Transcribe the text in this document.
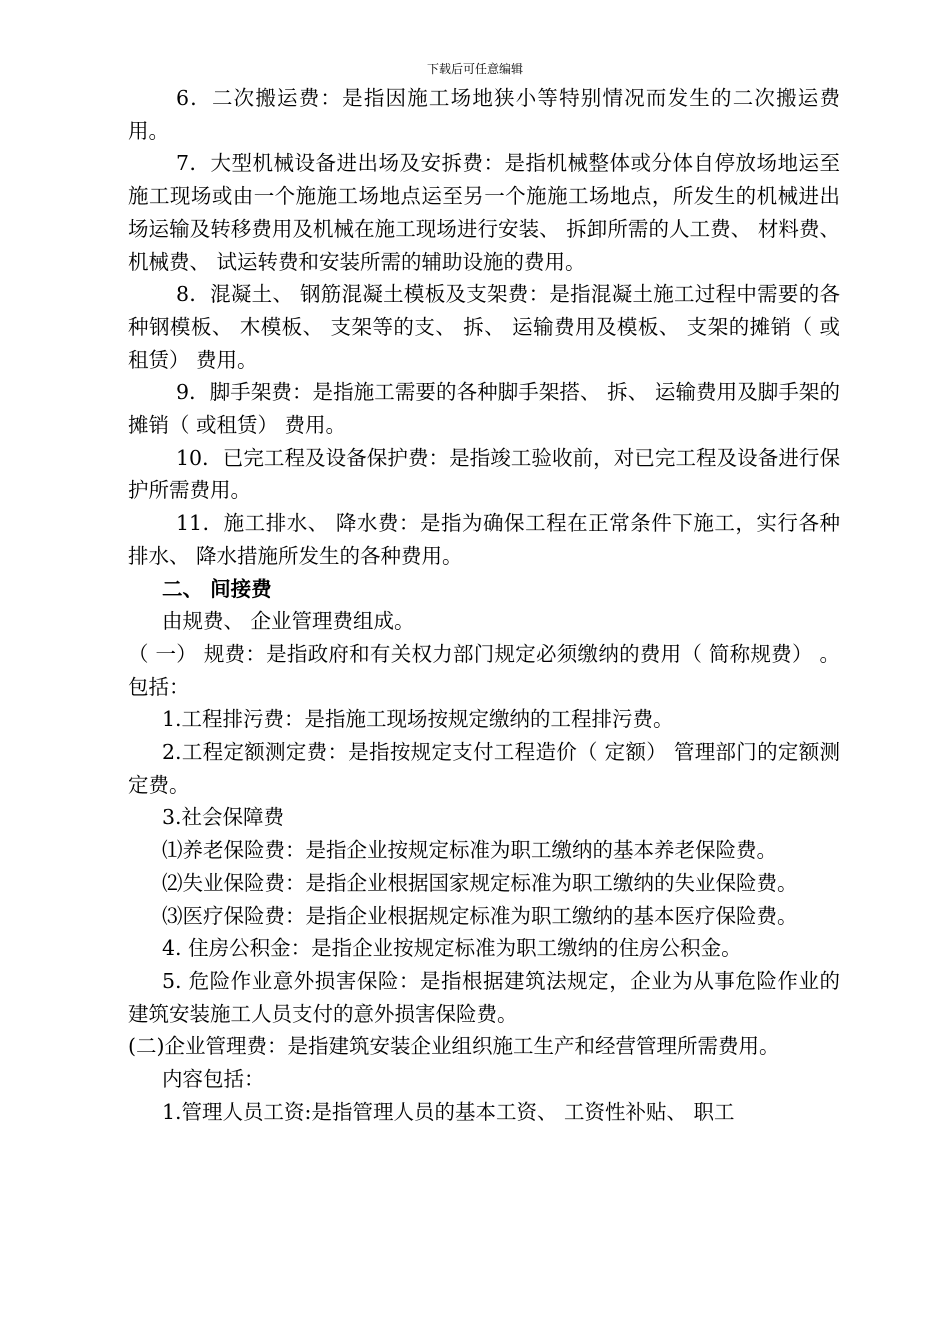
下载后可任意编辑

6．二次搬运费：是指因施工场地狭小等特别情况而发生的二次搬运费用。

7．大型机械设备进出场及安拆费：是指机械整体或分体自停放场地运至施工现场或由一个施施工场地点运至另一个施施工场地点，所发生的机械进出场运输及转移费用及机械在施工现场进行安装、 拆卸所需的人工费、 材料费、 机械费、 试运转费和安装所需的辅助设施的费用。

8．混凝土、 钢筋混凝土模板及支架费：是指混凝土施工过程中需要的各种钢模板、 木模板、 支架等的支、 拆、 运输费用及模板、 支架的摊销（ 或租赁） 费用。

9．脚手架费：是指施工需要的各种脚手架搭、 拆、 运输费用及脚手架的摊销（ 或租赁） 费用。

10．已完工程及设备保护费：是指竣工验收前，对已完工程及设备进行保护所需费用。

11．施工排水、 降水费：是指为确保工程在正常条件下施工，实行各种排水、 降水措施所发生的各种费用。

二、 间接费

由规费、 企业管理费组成。

（ 一） 规费：是指政府和有关权力部门规定必须缴纳的费用（ 简称规费） 。包括：

1.工程排污费：是指施工现场按规定缴纳的工程排污费。

2.工程定额测定费：是指按规定支付工程造价（ 定额） 管理部门的定额测定费。

3.社会保障费

⑴养老保险费：是指企业按规定标准为职工缴纳的基本养老保险费。

⑵失业保险费：是指企业根据国家规定标准为职工缴纳的失业保险费。

⑶医疗保险费：是指企业根据规定标准为职工缴纳的基本医疗保险费。

4. 住房公积金：是指企业按规定标准为职工缴纳的住房公积金。

5. 危险作业意外损害保险：是指根据建筑法规定，企业为从事危险作业的建筑安装施工人员支付的意外损害保险费。

(二)企业管理费：是指建筑安装企业组织施工生产和经营管理所需费用。

内容包括：

1.管理人员工资:是指管理人员的基本工资、 工资性补贴、 职工
